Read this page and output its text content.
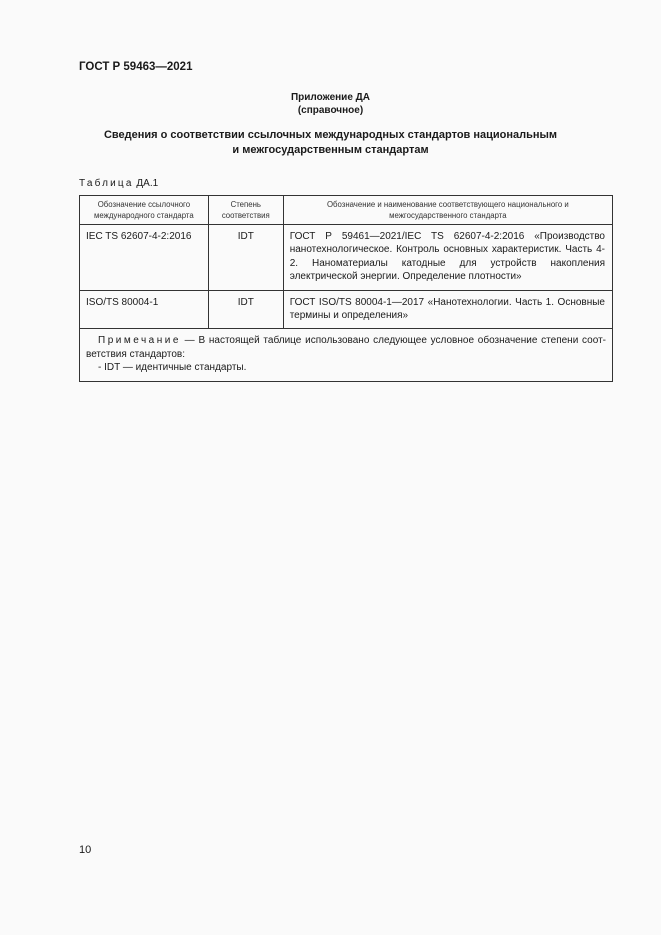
ГОСТ Р 59463—2021
Приложение ДА
(справочное)
Сведения о соответствии ссылочных международных стандартов национальным
и межгосударственным стандартам
Таблица ДА.1
Обозначение ссылочного международного стандарта	Степень соответствия	Обозначение и наименование соответствующего национального и межгосударственного стандарта
IEC TS 62607-4-2:2016	IDT	ГОСТ Р 59461—2021/IEC TS 62607-4-2:2016 «Производство нанотехнологическое. Контроль основных характеристик. Часть 4-2. Наноматериалы катодные для устройств накопления электрической энергии. Определение плотности»
ISO/TS 80004-1	IDT	ГОСТ ISO/TS 80004-1—2017 «Нанотехнологии. Часть 1. Основные термины и определения»

Примечание — В настоящей таблице использовано следующее условное обозначение степени соответствия стандартов:
- IDT — идентичные стандарты.		
10
